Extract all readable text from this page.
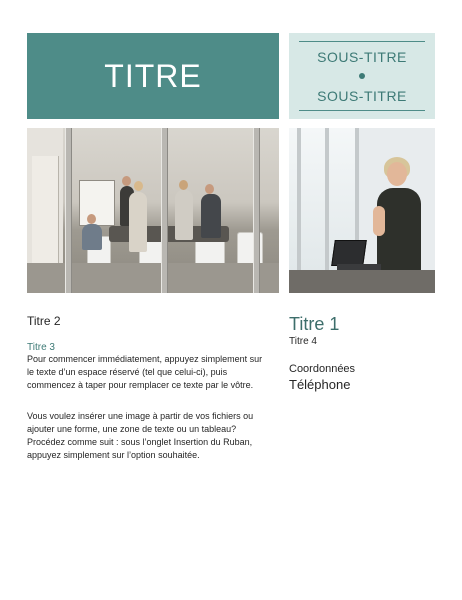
TITRE
SOUS-TITRE
SOUS-TITRE
Titre 2
Titre 3

Pour commencer immédiatement, appuyez simplement sur le texte d’un espace réservé (tel que celui-ci), puis commencez à taper pour remplacer ce texte par le vôtre.

Vous voulez insérer une image à partir de vos fichiers ou ajouter une forme, une zone de texte ou un tableau? Procédez comme suit : sous l’onglet Insertion du Ruban, appuyez simplement sur l’option souhaitée.

Titre 1
Titre 4
Coordonnées
Téléphone
